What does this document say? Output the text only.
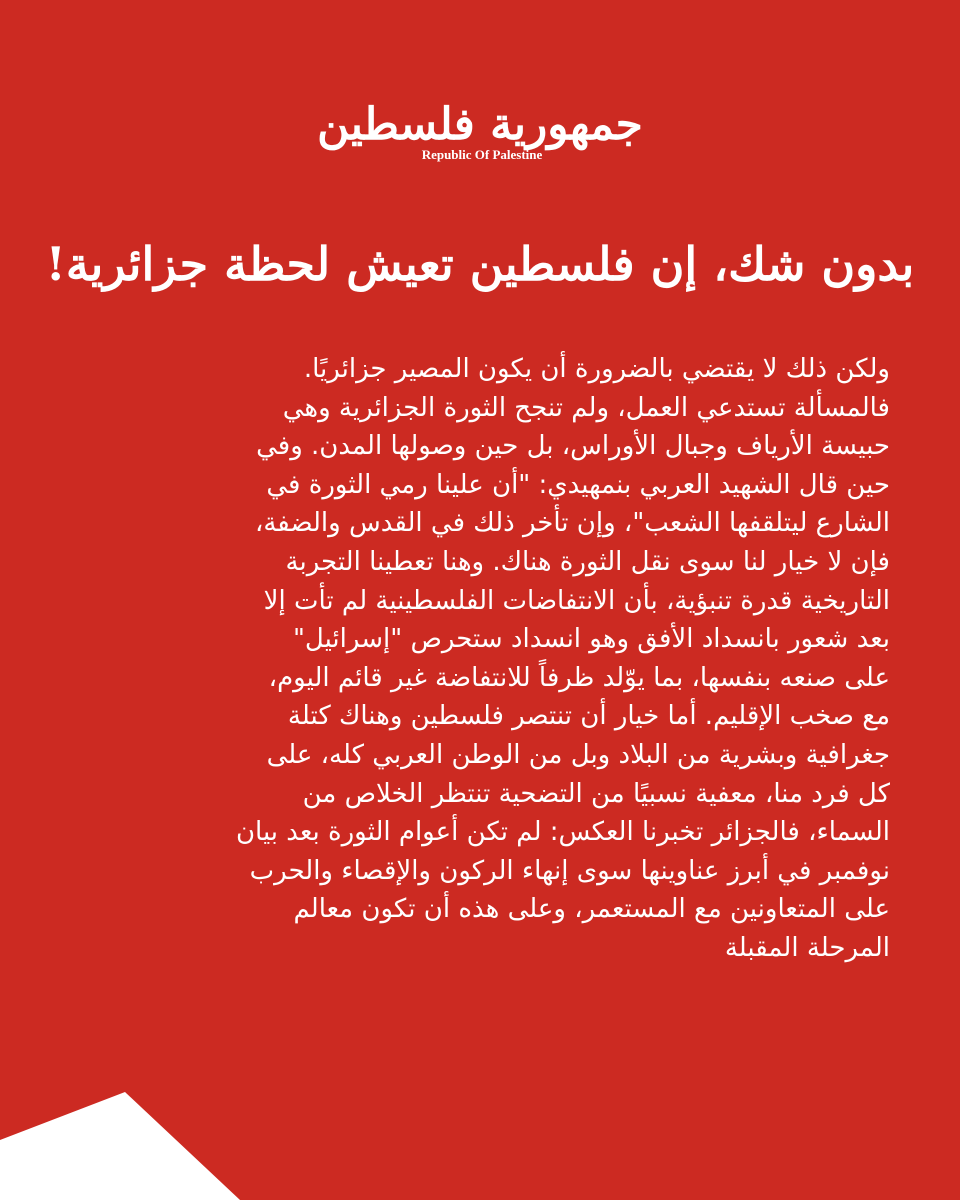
جمهورية فلسطين
Republic Of Palestine
بدون شك، إن فلسطين تعيش لحظة جزائرية!
ولكن ذلك لا يقتضي بالضرورة أن يكون المصير جزائريًا.
فالمسألة تستدعي العمل، ولم تنجح الثورة الجزائرية وهي
حبيسة الأرياف وجبال الأوراس، بل حين وصولها المدن. وفي
حين قال الشهيد العربي بنمهيدي: "أن علينا رمي الثورة في
الشارع ليتلقفها الشعب"، وإن تأخر ذلك في القدس والضفة،
فإن لا خيار لنا سوى نقل الثورة هناك. وهنا تعطينا التجربة
التاريخية قدرة تنبؤية، بأن الانتفاضات الفلسطينية لم تأت إلا
بعد شعور بانسداد الأفق وهو انسداد ستحرص "إسرائيل"
على صنعه بنفسها، بما يوّلد ظرفاً للانتفاضة غير قائم اليوم،
مع صخب الإقليم. أما خيار أن تنتصر فلسطين وهناك كتلة
جغرافية وبشرية من البلاد وبل من الوطن العربي كله، على
كل فرد منا، معفية نسبيًا من التضحية تنتظر الخلاص من
السماء، فالجزائر تخبرنا العكس: لم تكن أعوام الثورة بعد بيان
نوفمبر في أبرز عناوينها سوى إنهاء الركون والإقصاء والحرب
على المتعاونين مع المستعمر، وعلى هذه أن تكون معالم
المرحلة المقبلة
